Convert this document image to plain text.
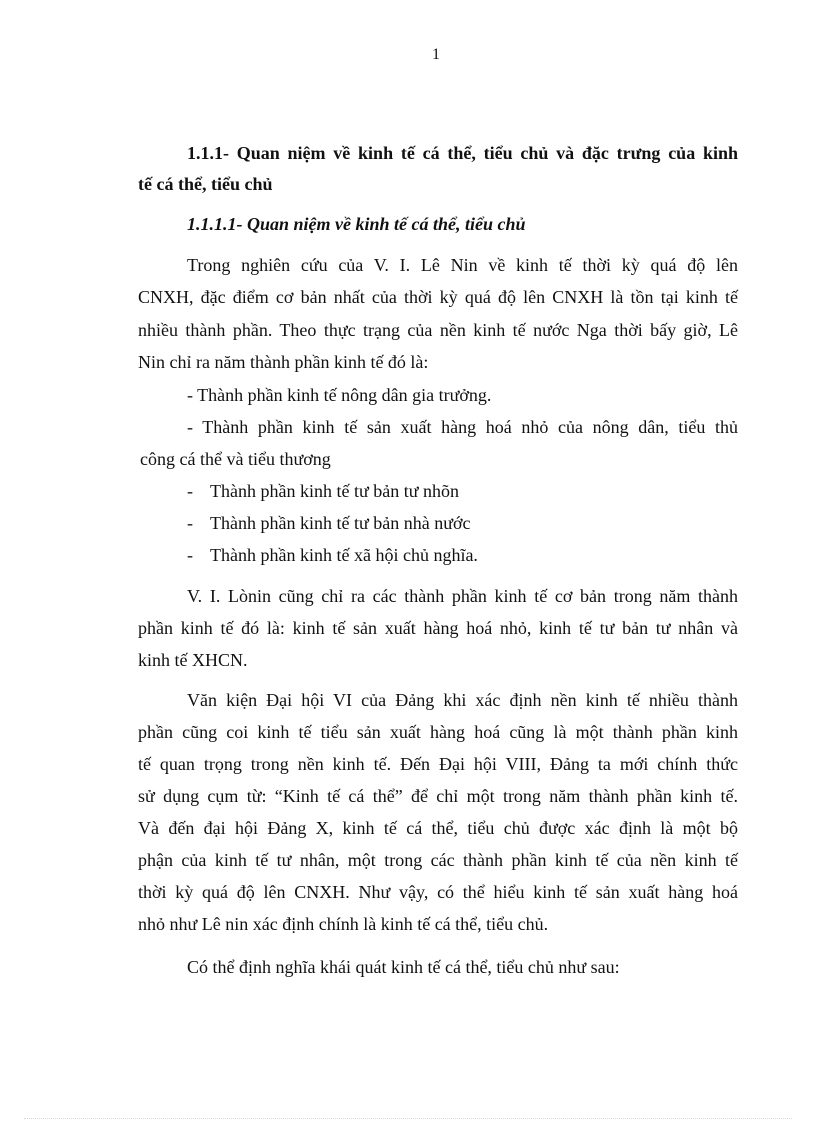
1
1.1.1- Quan niệm về kinh tế cá thể, tiểu chủ và đặc trưng của kinh
tế cá thể, tiểu chủ
1.1.1.1- Quan niệm về kinh tế cá thể, tiểu chủ
Trong nghiên cứu của V. I. Lê Nin về kinh tế thời kỳ quá độ lên
CNXH, đặc điểm cơ bản nhất của thời kỳ quá độ lên CNXH là tồn tại kinh tế
nhiều thành phần. Theo thực trạng của nền kinh tế nước Nga thời bấy giờ, Lê
Nin chỉ ra năm thành phần kinh tế đó là:
- Thành phần kinh tế nông dân gia trưởng.
- Thành phần kinh tế sản xuất hàng hoá nhỏ của nông dân, tiểu thủ
công cá thể và tiểu thương
- Thành phần kinh tế tư bản tư nhõn
- Thành phần kinh tế tư bản nhà nước
- Thành phần kinh tế xã hội chủ nghĩa.
V. I. Lònin cũng chỉ ra các thành phần kinh tế cơ bản trong năm thành
phần kinh tế đó là: kinh tế sản xuất hàng hoá nhỏ, kinh tế tư bản tư nhân và
kinh tế XHCN.
Văn kiện Đại hội VI của Đảng khi xác định nền kinh tế nhiều thành
phần cũng coi kinh tế tiểu sản xuất hàng hoá cũng là một thành phần kinh
tế quan trọng trong nền kinh tế. Đến Đại hội VIII, Đảng ta mới chính thức
sử dụng cụm từ: “Kinh tế cá thể” để chỉ một trong năm thành phần kinh tế.
Và đến đại hội Đảng X, kinh tế cá thể, tiểu chủ được xác định là một bộ
phận của kinh tế tư nhân, một trong các thành phần kinh tế của nền kinh tế
thời kỳ quá độ lên CNXH. Như vậy, có thể hiểu kinh tế sản xuất hàng hoá
nhỏ như Lê nin xác định chính là kinh tế cá thể, tiểu chủ.
Có thể định nghĩa khái quát kinh tế cá thể, tiểu chủ như sau:
